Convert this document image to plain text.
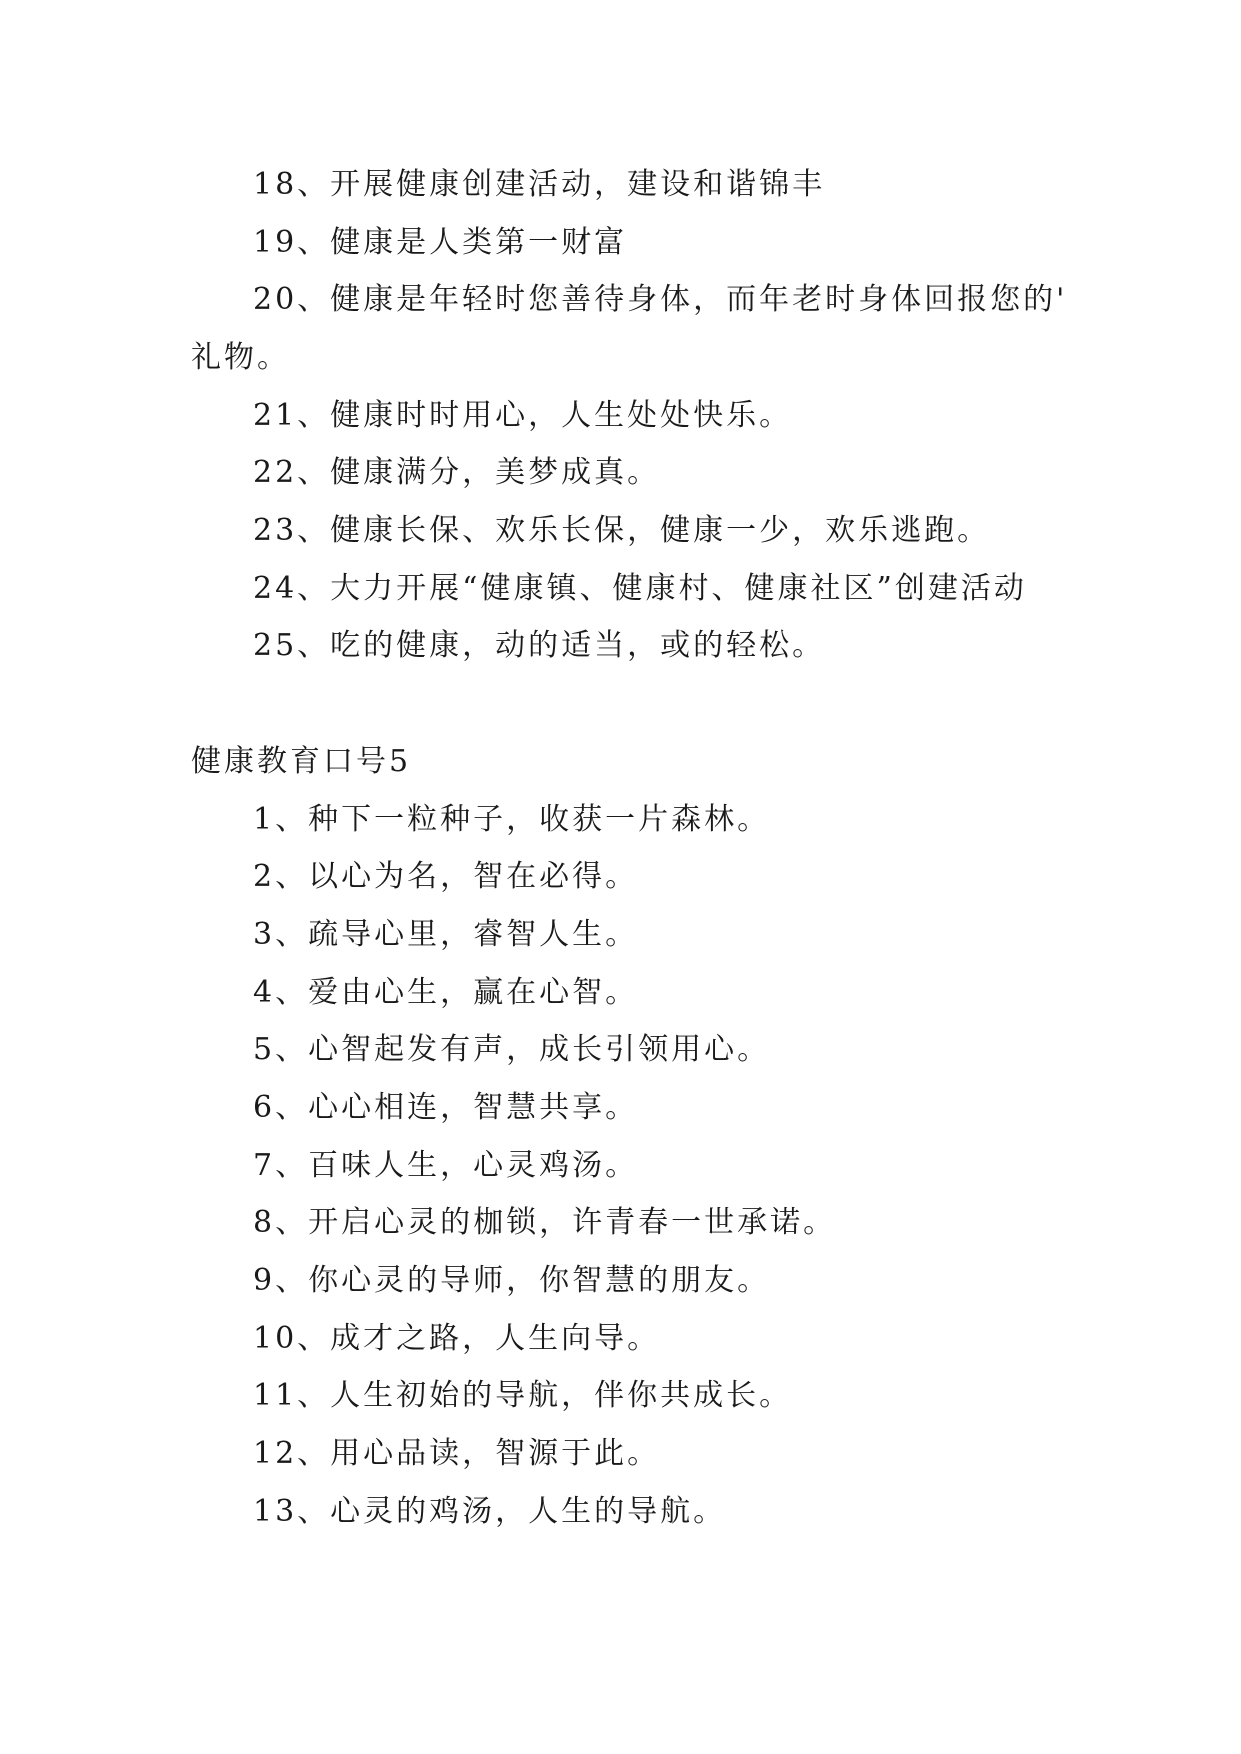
18、开展健康创建活动，建设和谐锦丰
19、健康是人类第一财富
20、健康是年轻时您善待身体，而年老时身体回报您的'
礼物。
21、健康时时用心，人生处处快乐。
22、健康满分，美梦成真。
23、健康长保、欢乐长保，健康一少，欢乐逃跑。
24、大力开展“健康镇、健康村、健康社区”创建活动
25、吃的健康，动的适当，或的轻松。
健康教育口号5
1、种下一粒种子，收获一片森林。
2、以心为名，智在必得。
3、疏导心里，睿智人生。
4、爱由心生，赢在心智。
5、心智起发有声，成长引领用心。
6、心心相连，智慧共享。
7、百味人生，心灵鸡汤。
8、开启心灵的枷锁，许青春一世承诺。
9、你心灵的导师，你智慧的朋友。
10、成才之路，人生向导。
11、人生初始的导航，伴你共成长。
12、用心品读，智源于此。
13、心灵的鸡汤，人生的导航。
